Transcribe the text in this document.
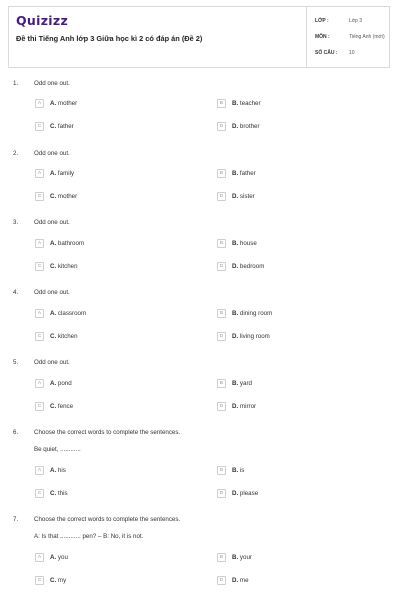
Quizizz
Đề thi Tiếng Anh lớp 3 Giữa học kì 2 có đáp án (Đề 2)
LỚP :	Lớp 3
MÔN :	Tiếng Anh (mới)
SỐ CÂU : 10
1.	Odd one out.
A	A. mother	B	B. teacher
C	C. father	D	D. brother
2.	Odd one out.
A	A. family	B	B. father
C	C. mother	D	D. sister
3.	Odd one out.
A	A. bathroom	B	B. house
C	C. kitchen	D	D. bedroom
4.	Odd one out.
A	A. classroom	B	B. dining room
C	C. kitchen	D	D. living room
5.	Odd one out.
A	A. pond	B	B. yard
C	C. fence	D	D. mirror
6.	Choose the correct words to complete the sentences.
Be quiet, ............
A	A. his	B	B. is
C	C. this	D	D. please
7.	Choose the correct words to complete the sentences.
A: Is that ............ pen? – B: No, it is not.
A	A. you	B	B. your
C	C. my	D	D. me
